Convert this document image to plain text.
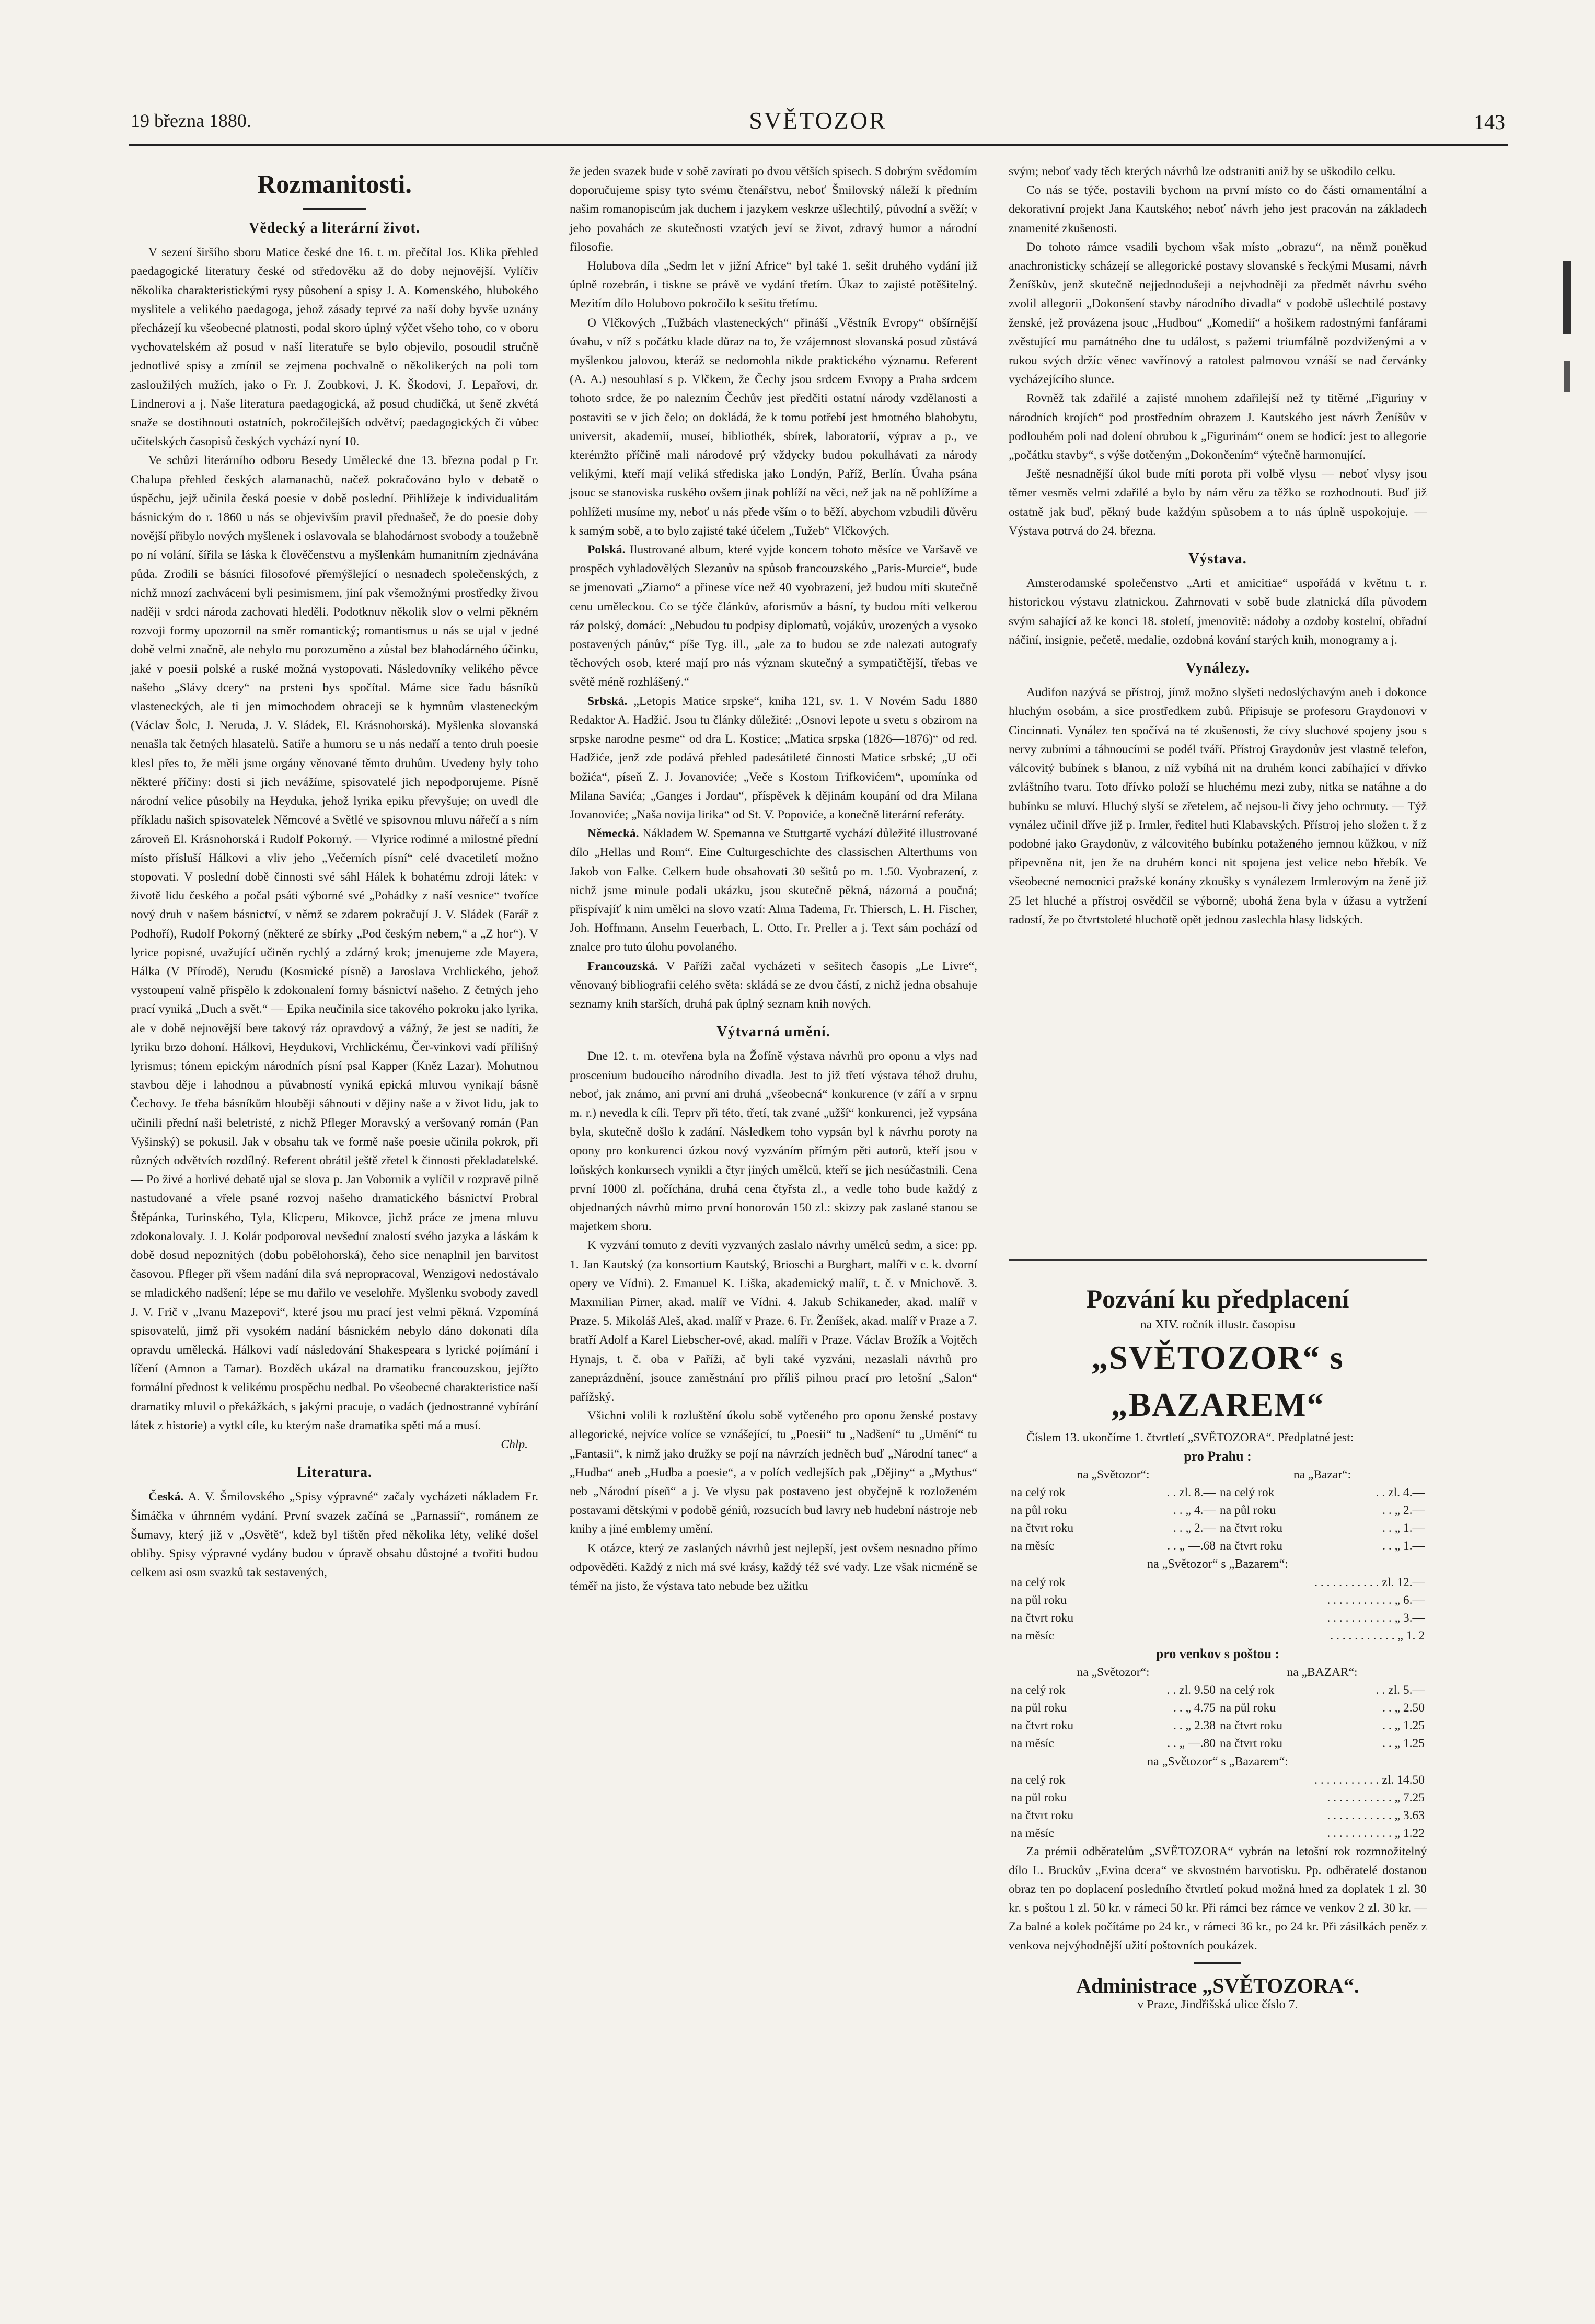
19 března 1880.	SVĚTOZOR	143
Rozmanitosti.
Vědecký a literární život.

V sezení širšího sboru Matice české dne 16. t. m. přečítal Jos. Klika přehled paedagogické literatury české od středověku až do doby nejnovější. Vylíčiv několika charakteristickými rysy působení a spisy J. A. Komenského, hlubokého myslitele a velikého paedagoga, jehož zásady teprvé za naší doby byvše uznány přecházejí ku všeobecné platnosti, podal skoro úplný výčet všeho toho, co v oboru vychovatelském až posud v naší literatuře se bylo objevilo, posoudil stručně jednotlivé spisy a zmínil se zejmena pochvalně o několikerých na poli tom zasloužilých mužích, jako o Fr. J. Zoubkovi, J. K. Škodovi, J. Lepařovi, dr. Lindnerovi a j. Naše literatura paedagogická, až posud chudičká, ut šeně zkvétá snaže se dostihnouti ostatních, pokročilejších odvětví; paedagogických či vůbec učitelských časopisů českých vychází nyní 10.

Ve schůzi literárního odboru Besedy Umělecké dne 13. března podal p Fr. Chalupa přehled českých alamanachů, načež pokračováno bylo v debatě o úspěchu, jejž učinila česká poesie v době poslední. Přihlížeje k individualitám básnickým do r. 1860 u nás se objevivším pravil přednašeč, že do poesie doby novější přibylo nových myšlenek i oslavovala se blahodárnost svobody a toužebně po ní volání, šířila se láska k člověčenstvu a myšlenkám humanitním zjednávána půda. Zrodili se básníci filosofové přemýšlející o nesnadech společenských, z nichž mnozí zachváceni byli pesimismem, jiní pak všemožnými prostředky živou naději v srdci národa zachovati hleděli. Podotknuv několik slov o velmi pěkném rozvoji formy upozornil na směr romantický; romantismus u nás se ujal v jedné době velmi značně, ale nebylo mu porozuměno a zůstal bez blahodárného účinku, jaké v poesii polské a ruské možná vystopovati. Následovníky velikého pěvce našeho „Slávy dcery“ na prsteni bys spočítal. Máme sice řadu básníků vlasteneckých, ale ti jen mimochodem obraceji se k hymnům vlasteneckým (Václav Šolc, J. Neruda, J. V. Sládek, El. Krásnohorská). Myšlenka slovanská nenašla tak četných hlasatelů. Satiře a humoru se u nás nedaří a tento druh poesie klesl přes to, že měli jsme orgány věnované těmto druhům. Uvedeny byly toho některé příčiny: dosti si jich nevážíme, spisovatelé jich nepodporujeme. Písně národní velice působily na Heyduka, jehož lyrika epiku převyšuje; on uvedl dle příkladu našich spisovatelek Němcové a Světlé ve spisovnou mluvu nářečí a s ním zároveň El. Krásnohorská i Rudolf Pokorný. — Vlyrice rodinné a milostné přední místo přísluší Hálkovi a vliv jeho „Večerních písní“ celé dvacetiletí možno stopovati. V poslední době činnosti své sáhl Hálek k bohatému zdroji látek: v životě lidu českého a počal psáti výborné své „Pohádky z naší vesnice“ tvoříce nový druh v našem básnictví, v němž se zdarem pokračují J. V. Sládek (Farář z Podhoří), Rudolf Pokorný (některé ze sbírky „Pod českým nebem,“ a „Z hor“). V lyrice popisné, uvažující učiněn rychlý a zdárný krok; jmenujeme zde Mayera, Hálka (V Přírodě), Nerudu (Kosmické písně) a Jaroslava Vrchlického, jehož vystoupení valně přispělo k zdokonalení formy básnictví našeho. Z četných jeho prací vyniká „Duch a svět.“ — Epika neučinila sice takového pokroku jako lyrika, ale v době nejnovější bere takový ráz opravdový a vážný, že jest se nadíti, že lyriku brzo dohoní. Hálkovi, Heydukovi, Vrchlickému, Čer-vinkovi vadí přílišný lyrismus; tónem epickým národních písní psal Kapper (Kněz Lazar). Mohutnou stavbou děje i lahodnou a půvabností vyniká epická mluvou vynikají básně Čechovy. Je třeba básníkům hlouběji sáhnouti v dějiny naše a v život lidu, jak to učinili přední naši beletristé, z nichž Pfleger Moravský a veršovaný román (Pan Vyšinský) se pokusil. Jak v obsahu tak ve formě naše poesie učinila pokrok, při různých odvětvích rozdílný. Referent obrátil ještě zřetel k činnosti překladatelské. — Po živé a horlivé debatě ujal se slova p. Jan Vobornik a vylíčil v rozpravě pilně nastudované a vřele psané rozvoj našeho dramatického básnictví Probral Štěpánka, Turinského, Tyla, Klicperu, Mikovce, jichž práce ze jmena mluvu zdokonalovaly. J. J. Kolár podporoval nevšední znalostí svého jazyka a láskám k době dosud nepoznitých (dobu pobělohorská), čeho sice nenaplnil jen barvitost časovou. Pfleger při všem nadání dila svá nepropracoval, Wenzigovi nedostávalo se mladického nadšení; lépe se mu dařilo ve veselohře. Myšlenku svobody zavedl J. V. Frič v „Ivanu Mazepovi“, které jsou mu prací jest velmi pěkná. Vzpomíná spisovatelů, jimž při vysokém nadání básnickém nebylo dáno dokonati díla opravdu umělecká. Hálkovi vadí následování Shakespeara s lyrické pojímání i líčení (Amnon a Tamar). Bozděch ukázal na dramatiku francouzskou, jejížto formální přednost k velikému prospěchu nedbal. Po všeobecné charakteristice naší dramatiky mluvil o překážkách, s jakými pracuje, o vadách (jednostranné vybírání látek z historie) a vytkl cíle, ku kterým naše dramatika spěti má a musí.

Chlp.
Literatura.

Česká. A. V. Šmilovského „Spisy výpravné“ začaly vycházeti nákladem Fr. Šimáčka v úhrnném vydání. První svazek začíná se „Parnassií“, románem ze Šumavy, který již v „Osvětě“, kdež byl tištěn před několika léty, veliké došel obliby. Spisy výpravné vydány budou v úpravě obsahu důstojné a tvořiti budou celkem asi osm svazků tak sestavených,

že jeden svazek bude v sobě zavírati po dvou větších spisech. S dobrým svědomím doporučujeme spisy tyto svému čtenářstvu, neboť Šmilovský náleží k předním našim romanopiscům jak duchem i jazykem veskrze ušlechtilý, původní a svěží; v jeho povahách ze skutečnosti vzatých jeví se život, zdravý humor a národní filosofie.

Holubova díla „Sedm let v jižní Africe“ byl také 1. sešit druhého vydání již úplně rozebrán, i tiskne se právě ve vydání třetím. Úkaz to zajisté potěšitelný. Mezitím dílo Holubovo pokročilo k sešitu třetímu.

O Vlčkových „Tužbách vlasteneckých“ přináší „Věstník Evropy“ obšírnější úvahu, v níž s počátku klade důraz na to, že vzájemnost slovanská posud zůstává myšlenkou jalovou, kteráž se nedomohla nikde praktického významu. Referent (A. A.) nesouhlasí s p. Vlčkem, že Čechy jsou srdcem Evropy a Praha srdcem tohoto srdce, že po nalezním Čechův jest předčiti ostatní národy vzdělanosti a postaviti se v jich čelo; on dokládá, že k tomu potřebí jest hmotného blahobytu, universit, akademií, museí, bibliothék, sbírek, laboratorií, výprav a p., ve kterémžto příčině mali národové prý vždycky budou pokulhávati za národy velikými, kteří mají veliká střediska jako Londýn, Paříž, Berlín. Úvaha psána jsouc se stanoviska ruského ovšem jinak pohlíží na věci, než jak na ně pohlížíme a pohlížeti musíme my, neboť u nás přede vším o to běží, abychom vzbudili důvěru k samým sobě, a to bylo zajisté také účelem „Tužeb“ Vlčkových.

Polská. Ilustrované album, které vyjde koncem tohoto měsíce ve Varšavě ve prospěch vyhladovělých Slezanův na spůsob francouzského „Paris-Murcie“, bude se jmenovati „Ziarno“ a přinese více než 40 vyobrazení, jež budou míti skutečně cenu uměleckou. Co se týče článkův, aforismův a básní, ty budou míti velkerou ráz polský, domácí: „Nebudou tu podpisy diplomatů, vojákův, urozených a vysoko postavených pánův,“ píše Tyg. ill., „ale za to budou se zde nalezati autografy těchových osob, které mají pro nás význam skutečný a sympatičtější, třebas ve světě méně rozhlášený.“

Srbská. „Letopis Matice srpske“, kniha 121, sv. 1. V Novém Sadu 1880 Redaktor A. Hadžić. Jsou tu články důležité: „Osnovi lepote u svetu s obzirom na srpske narodne pesme“ od dra L. Kostice; „Matica srpska (1826—1876)“ od red. Hadžiće, jenž zde podává přehled padesátileté činnosti Matice srbské; „U oči božića“, píseň Z. J. Jovanoviće; „Veče s Kostom Trifkovićem“, upomínka od Milana Savića; „Ganges i Jordau“, příspěvek k dějinám koupání od dra Milana Jovanoviće; „Naša novija lirika“ od St. V. Popoviće, a konečně literární referáty.

Německá. Nákladem W. Spemanna ve Stuttgartě vychází důležité illustrované dílo „Hellas und Rom“. Eine Culturgeschichte des classischen Alterthums von Jakob von Falke. Celkem bude obsahovati 30 sešitů po m. 1.50. Vyobrazení, z nichž jsme minule podali ukázku, jsou skutečně pěkná, názorná a poučná; přispívajíť k nim umělci na slovo vzatí: Alma Tadema, Fr. Thiersch, L. H. Fischer, Joh. Hoffmann, Anselm Feuerbach, L. Otto, Fr. Preller a j. Text sám pochází od znalce pro tuto úlohu povolaného.

Francouzská. V Paříži začal vycházeti v sešitech časopis „Le Livre“, věnovaný bibliografii celého světa: skládá se ze dvou částí, z nichž jedna obsahuje seznamy knih starších, druhá pak úplný seznam knih nových.

Výtvarná umění.

Dne 12. t. m. otevřena byla na Žofíně výstava návrhů pro oponu a vlys nad proscenium budoucího národního divadla. Jest to již třetí výstava téhož druhu, neboť, jak známo, ani první ani druhá „všeobecná“ konkurence (v září a v srpnu m. r.) nevedla k cíli. Teprv při této, třetí, tak zvané „užší“ konkurenci, jež vypsána byla, skutečně došlo k zadání. Následkem toho vypsán byl k návrhu poroty na opony pro konkurenci úzkou nový vyzváním přímým pěti autorů, kteří jsou v loňských konkursech vynikli a čtyr jiných umělců, kteří se jich nesúčastnili. Cena první 1000 zl. počíchána, druhá cena čtyřsta zl., a vedle toho bude každý z objednaných návrhů mimo první honorován 150 zl.: skizzy pak zaslané stanou se majetkem sboru.

K vyzvání tomuto z devíti vyzvaných zaslalo návrhy umělců sedm, a sice: pp. 1. Jan Kautský (za konsortium Kautský, Brioschi a Burghart, malíři v c. k. dvorní opery ve Vídni). 2. Emanuel K. Liška, akademický malíř, t. č. v Mnichově. 3. Maxmilian Pirner, akad. malíř ve Vídni. 4. Jakub Schikaneder, akad. malíř v Praze. 5. Mikoláš Aleš, akad. malíř v Praze. 6. Fr. Ženíšek, akad. malíř v Praze a 7. bratří Adolf a Karel Liebscher-ové, akad. malíři v Praze. Václav Brožík a Vojtěch Hynajs, t. č. oba v Paříži, ač byli také vyzváni, nezaslali návrhů pro zaneprázdnění, jsouce zaměstnání pro příliš pilnou prací pro letošní „Salon“ pařížský.

Všichni volili k rozluštění úkolu sobě vytčeného pro oponu ženské postavy allegorické, nejvíce volíce se vznášející, tu „Poesii“ tu „Nadšení“ tu „Umění“ tu „Fantasii“, k nimž jako družky se pojí na návrzích jedněch buď „Národní tanec“ a „Hudba“ aneb „Hudba a poesie“, a v polích vedlejších pak „Dějiny“ a „Mythus“ neb „Národní píseň“ a j. Ve vlysu pak postaveno jest obyčejně k rozloženém postavami dětskými v podobě géniů, rozsucích bud lavry neb hudební nástroje neb knihy a jiné emblemy umění.

K otázce, který ze zaslaných návrhů jest nejlepší, jest ovšem nesnadno přímo odpověděti. Každý z nich má své krásy, každý též své vady. Lze však nicméně se téměř na jisto, že výstava tato nebude bez užitku

svým; neboť vady těch kterých návrhů lze odstraniti aniž by se uškodilo celku.

Co nás se týče, postavili bychom na první místo co do části ornamentální a dekorativní projekt Jana Kautského; neboť návrh jeho jest pracován na základech znamenité zkušenosti.

Do tohoto rámce vsadili bychom však místo „obrazu“, na němž poněkud anachronisticky scházejí se allegorické postavy slovanské s řeckými Musami, návrh Ženíškův, jenž skutečně nejjednodušeji a nejvhodněji za předmět návrhu svého zvolil allegorii „Dokonšení stavby národního divadla“ v podobě ušlechtilé postavy ženské, jež provázena jsouc „Hudbou“ „Komedií“ a hošikem radostnými fanfárami zvěstující mu památného dne tu událost, s pažemi triumfálně pozdviženými a v rukou svých držíc věnec vavřínový a ratolest palmovou vznáší se nad červánky vycházejícího slunce.

Rovněž tak zdařilé a zajisté mnohem zdařilejší než ty titěrné „Figuriny v národních krojích“ pod prostředním obrazem J. Kautského jest návrh Ženíšův v podlouhém poli nad dolení obrubou k „Figurinám“ onem se hodicí: jest to allegorie „počátku stavby“, s výše dotčeným „Dokončením“ výtečně harmonující.

Ještě nesnadnější úkol bude míti porota při volbě vlysu — neboť vlysy jsou těmer vesměs velmi zdařilé a bylo by nám věru za těžko se rozhodnouti. Buď již ostatně jak buď, pěkný bude každým spůsobem a to nás úplně uspokojuje. — Výstava potrvá do 24. března.

Výstava.

Amsterodamské společenstvo „Arti et amicitiae“ uspořádá v květnu t. r. historickou výstavu zlatnickou. Zahrnovati v sobě bude zlatnická díla původem svým sahající až ke konci 18. století, jmenovitě: nádoby a ozdoby kostelní, obřadní náčiní, insignie, pečetě, medalie, ozdobná kování starých knih, monogramy a j.

Vynálezy.

Audifon nazývá se přístroj, jímž možno slyšeti nedoslýchavým aneb i dokonce hluchým osobám, a sice prostředkem zubů. Připisuje se profesoru Graydonovi v Cincinnati. Vynález ten spočívá na té zkušenosti, že cívy sluchové spojeny jsou s nervy zubními a táhnoucími se podél tváří. Přístroj Graydonův jest vlastně telefon, válcovitý bubínek s blanou, z níž vybíhá nit na druhém konci zabíhající v dřívko zvláštního tvaru. Toto dřívko položí se hluchému mezi zuby, nitka se natáhne a do bubínku se mluví. Hluchý slyší se zřetelem, ač nejsou-li čivy jeho ochrnuty. — Týž vynález učinil dříve již p. Irmler, ředitel huti Klabavských. Přístroj jeho složen t. ž z podobné jako Graydonův, z válcovitého bubínku potaženého jemnou kůžkou, v níž připevněna nit, jen že na druhém konci nit spojena jest velice nebo hřebík. Ve všeobecné nemocnici pražské konány zkoušky s vynálezem Irmlerovým na ženě již 25 let hluché a přístroj osvědčil se výborně; ubohá žena byla v úžasu a vytržení radostí, že po čtvrtstoleté hluchotě opět jednou zaslechla hlasy lidských.

Pozvání ku předplacení
na XIV. ročník illustr. časopisu
„SVĚTOZOR“ s „BAZAREM“

Číslem 13. ukončíme 1. čtvrtletí „SVĚTOZORA“. Předplatné jest:

pro Prahu :
na „Světozor“:		na „Bazar“:	
na celý rok	. . zl. 8.—	na celý rok	. . zl. 4.—
na půl roku	. . „ 4.—	na půl roku	. . „ 2.—
na čtvrt roku	. . „ 2.—	na čtvrt roku	. . „ 1.—
na měsíc	. . „ —.68	na čtvrt roku	. . „ 1.—
na „Světozor“ s „Bazarem“:
na celý rok	. . . . . . . . . . . zl. 12.—
na půl roku	. . . . . . . . . . . „ 6.—
na čtvrt roku	. . . . . . . . . . . „ 3.—
na měsíc	. . . . . . . . . . . „ 1. 2
pro venkov s poštou :
na „Světozor“:		na „BAZAR“:	
na celý rok	. . zl. 9.50	na celý rok	. . zl. 5.—
na půl roku	. . „ 4.75	na půl roku	. . „ 2.50
na čtvrt roku	. . „ 2.38	na čtvrt roku	. . „ 1.25
na měsíc	. . „ —.80	na čtvrt roku	. . „ 1.25
na „Světozor“ s „Bazarem“:
na celý rok	. . . . . . . . . . . zl. 14.50
na půl roku	. . . . . . . . . . . „ 7.25
na čtvrt roku	. . . . . . . . . . . „ 3.63
na měsíc	. . . . . . . . . . . „ 1.22

Za prémii odběratelům „SVĚTOZORA“ vybrán na letošní rok rozmnožitelný dílo L. Bruckův „Evina dcera“ ve skvostném barvotisku. Pp. odběratelé dostanou obraz ten po doplacení posledního čtvrtletí pokud možná hned za doplatek 1 zl. 30 kr. s poštou 1 zl. 50 kr. v rámeci 50 kr. Při rámci bez rámce ve venkov 2 zl. 30 kr. — Za balné a kolek počítáme po 24 kr., v rámeci 36 kr., po 24 kr. Při zásilkách peněz z venkova nejvýhodnější užití poštovních poukázek.

Administrace „SVĚTOZORA“.
v Praze, Jindřišská ulice číslo 7.
